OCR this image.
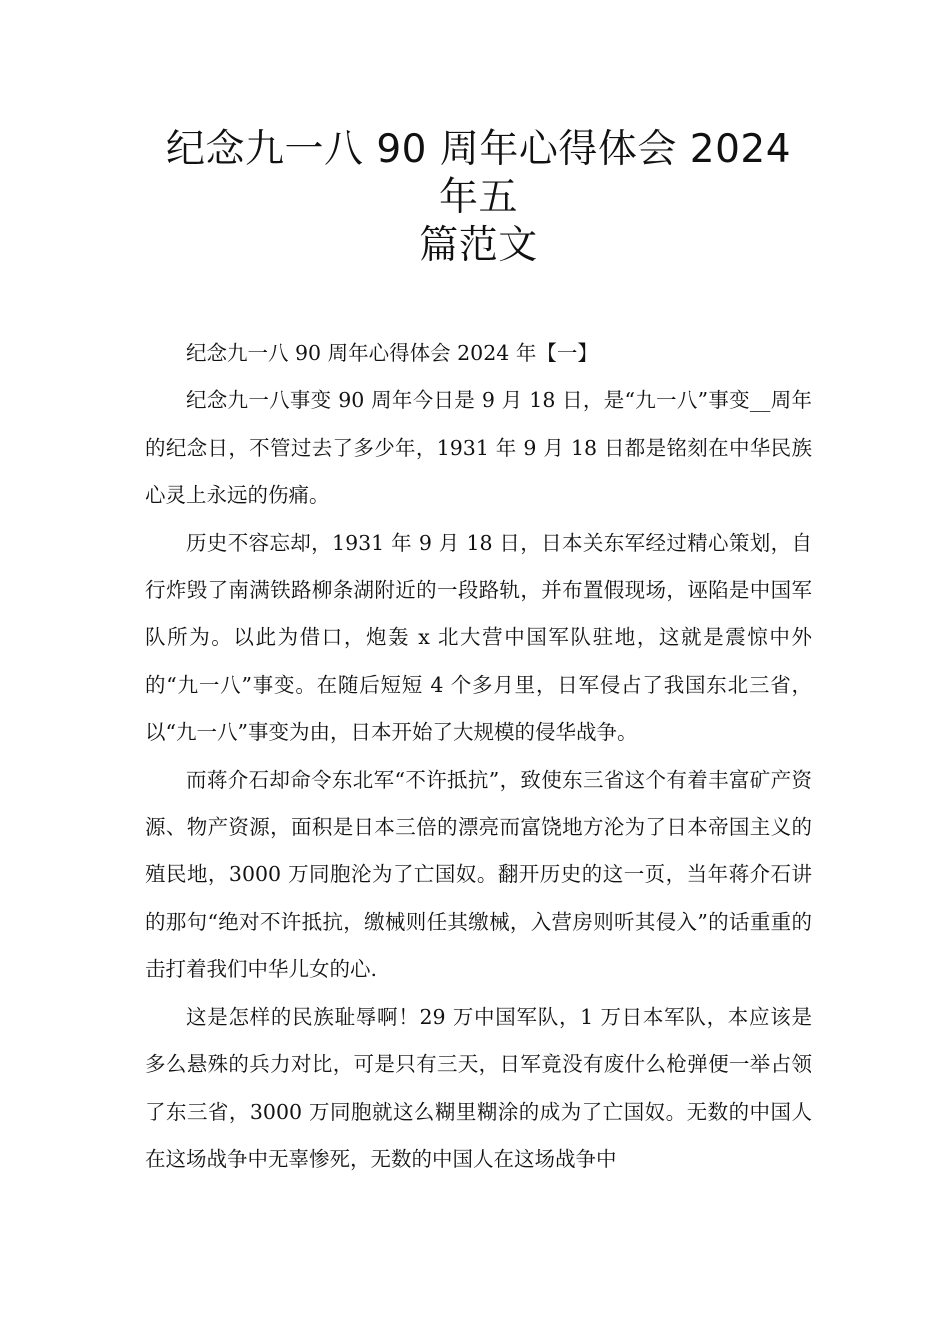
纪念九一八 90 周年心得体会 2024 年五
篇范文

纪念九一八 90 周年心得体会 2024 年【一】

纪念九一八事变 90 周年今日是 9 月 18 日，是“九一八”事变__周年的纪念日，不管过去了多少年，1931 年 9 月 18 日都是铭刻在中华民族心灵上永远的伤痛。

历史不容忘却，1931 年 9 月 18 日，日本关东军经过精心策划，自行炸毁了南满铁路柳条湖附近的一段路轨，并布置假现场，诬陷是中国军队所为。以此为借口，炮轰 x 北大营中国军队驻地，这就是震惊中外的“九一八”事变。在随后短短 4 个多月里，日军侵占了我国东北三省，以“九一八”事变为由，日本开始了大规模的侵华战争。

而蒋介石却命令东北军“不许抵抗”，致使东三省这个有着丰富矿产资源、物产资源，面积是日本三倍的漂亮而富饶地方沦为了日本帝国主义的殖民地，3000 万同胞沦为了亡国奴。翻开历史的这一页，当年蒋介石讲的那句“绝对不许抵抗，缴械则任其缴械，入营房则听其侵入”的话重重的击打着我们中华儿女的心.

这是怎样的民族耻辱啊！29 万中国军队，1 万日本军队，本应该是多么悬殊的兵力对比，可是只有三天，日军竟没有废什么枪弹便一举占领了东三省，3000 万同胞就这么糊里糊涂的成为了亡国奴。无数的中国人在这场战争中无辜惨死，无数的中国人在这场战争中
